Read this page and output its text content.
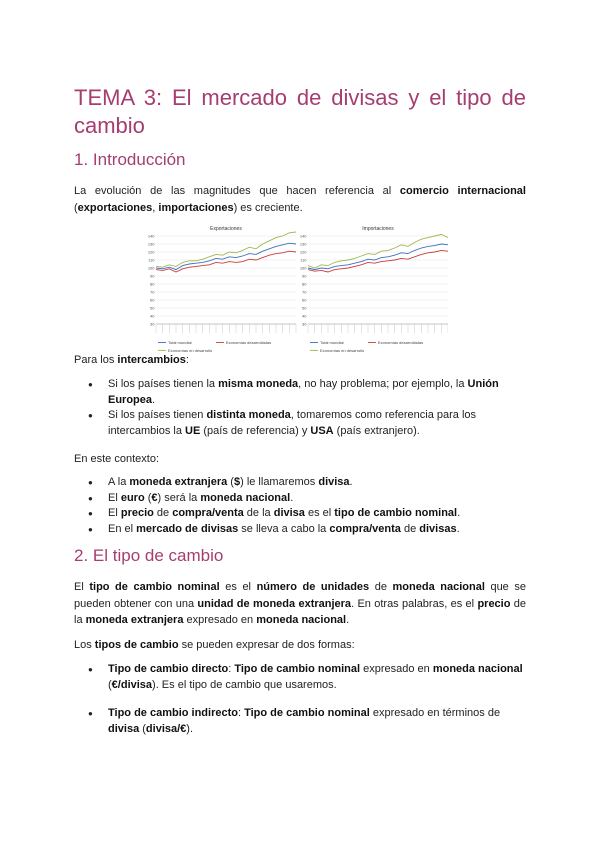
TEMA 3: El mercado de divisas y el tipo de cambio
1. Introducción

La evolución de las magnitudes que hacen referencia al comercio internacional (exportaciones, importaciones) es creciente.

Exportaciones
140
130
120
110
100
90
80
70
60
50
40
30
Total mundial	Economías desarrolladas
Economías en desarrollo
Importaciones
140
130
120
110
100
90
80
70
60
50
40
30
Total mundial	Economías desarrolladas
Economías en desarrollo

Para los intercambios:

● Si los países tienen la misma moneda, no hay problema; por ejemplo, la Unión Europea.
● Si los países tienen distinta moneda, tomaremos como referencia para los intercambios la UE (país de referencia) y USA (país extranjero).

En este contexto:

● A la moneda extranjera ($) le llamaremos divisa.
● El euro (€) será la moneda nacional.
● El precio de compra/venta de la divisa es el tipo de cambio nominal.
● En el mercado de divisas se lleva a cabo la compra/venta de divisas.
2. El tipo de cambio

El tipo de cambio nominal es el número de unidades de moneda nacional que se pueden obtener con una unidad de moneda extranjera. En otras palabras, es el precio de la moneda extranjera expresado en moneda nacional.

Los tipos de cambio se pueden expresar de dos formas:

● Tipo de cambio directo: Tipo de cambio nominal expresado en moneda nacional (€/divisa). Es el tipo de cambio que usaremos.
● Tipo de cambio indirecto: Tipo de cambio nominal expresado en términos de divisa (divisa/€).
